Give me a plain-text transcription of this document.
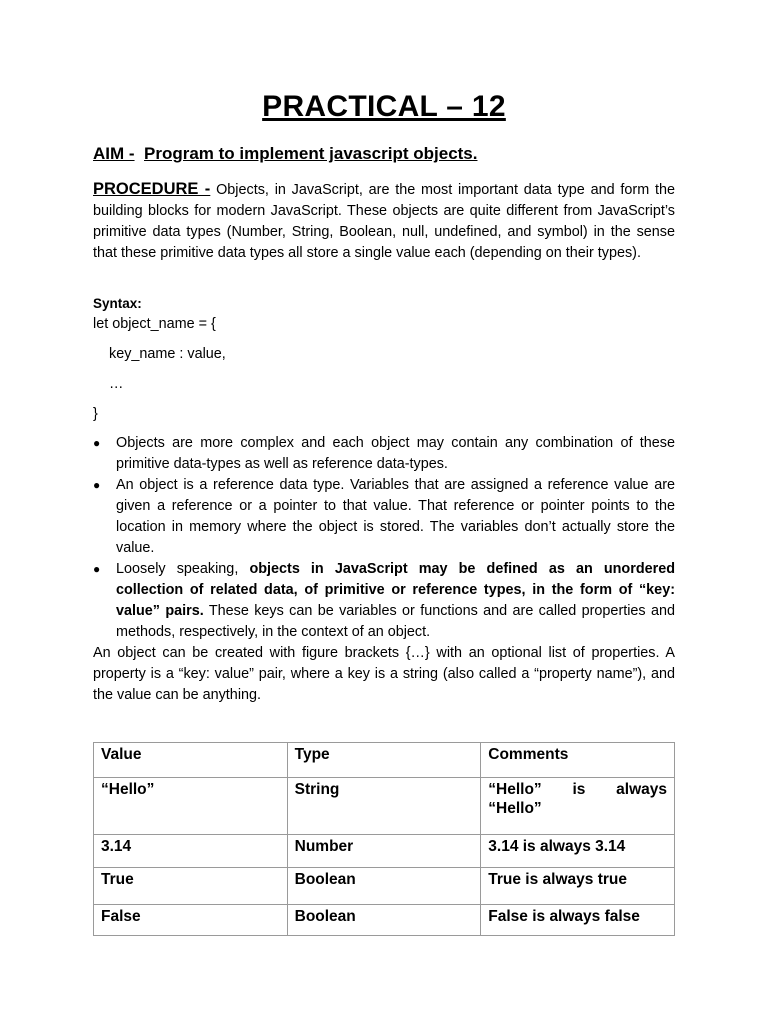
PRACTICAL – 12
AIM - Program to implement javascript objects.
PROCEDURE - Objects, in JavaScript, are the most important data type and form the building blocks for modern JavaScript. These objects are quite different from JavaScript’s primitive data types (Number, String, Boolean, null, undefined, and symbol) in the sense that these primitive data types all store a single value each (depending on their types).
Syntax:
let object_name = {
key_name : value,
…
}
● Objects are more complex and each object may contain any combination of these primitive data-types as well as reference data-types.
● An object is a reference data type. Variables that are assigned a reference value are given a reference or a pointer to that value. That reference or pointer points to the location in memory where the object is stored. The variables don’t actually store the value.
● Loosely speaking, objects in JavaScript may be defined as an unordered collection of related data, of primitive or reference types, in the form of “key: value” pairs. These keys can be variables or functions and are called properties and methods, respectively, in the context of an object.
An object can be created with figure brackets {…} with an optional list of properties. A property is a “key: value” pair, where a key is a string (also called a “property name”), and the value can be anything.
Value	Type	Comments
“Hello”	String	“Hello” is always “Hello”
3.14	Number	3.14 is always 3.14
True	Boolean	True is always true
False	Boolean	False is always false
